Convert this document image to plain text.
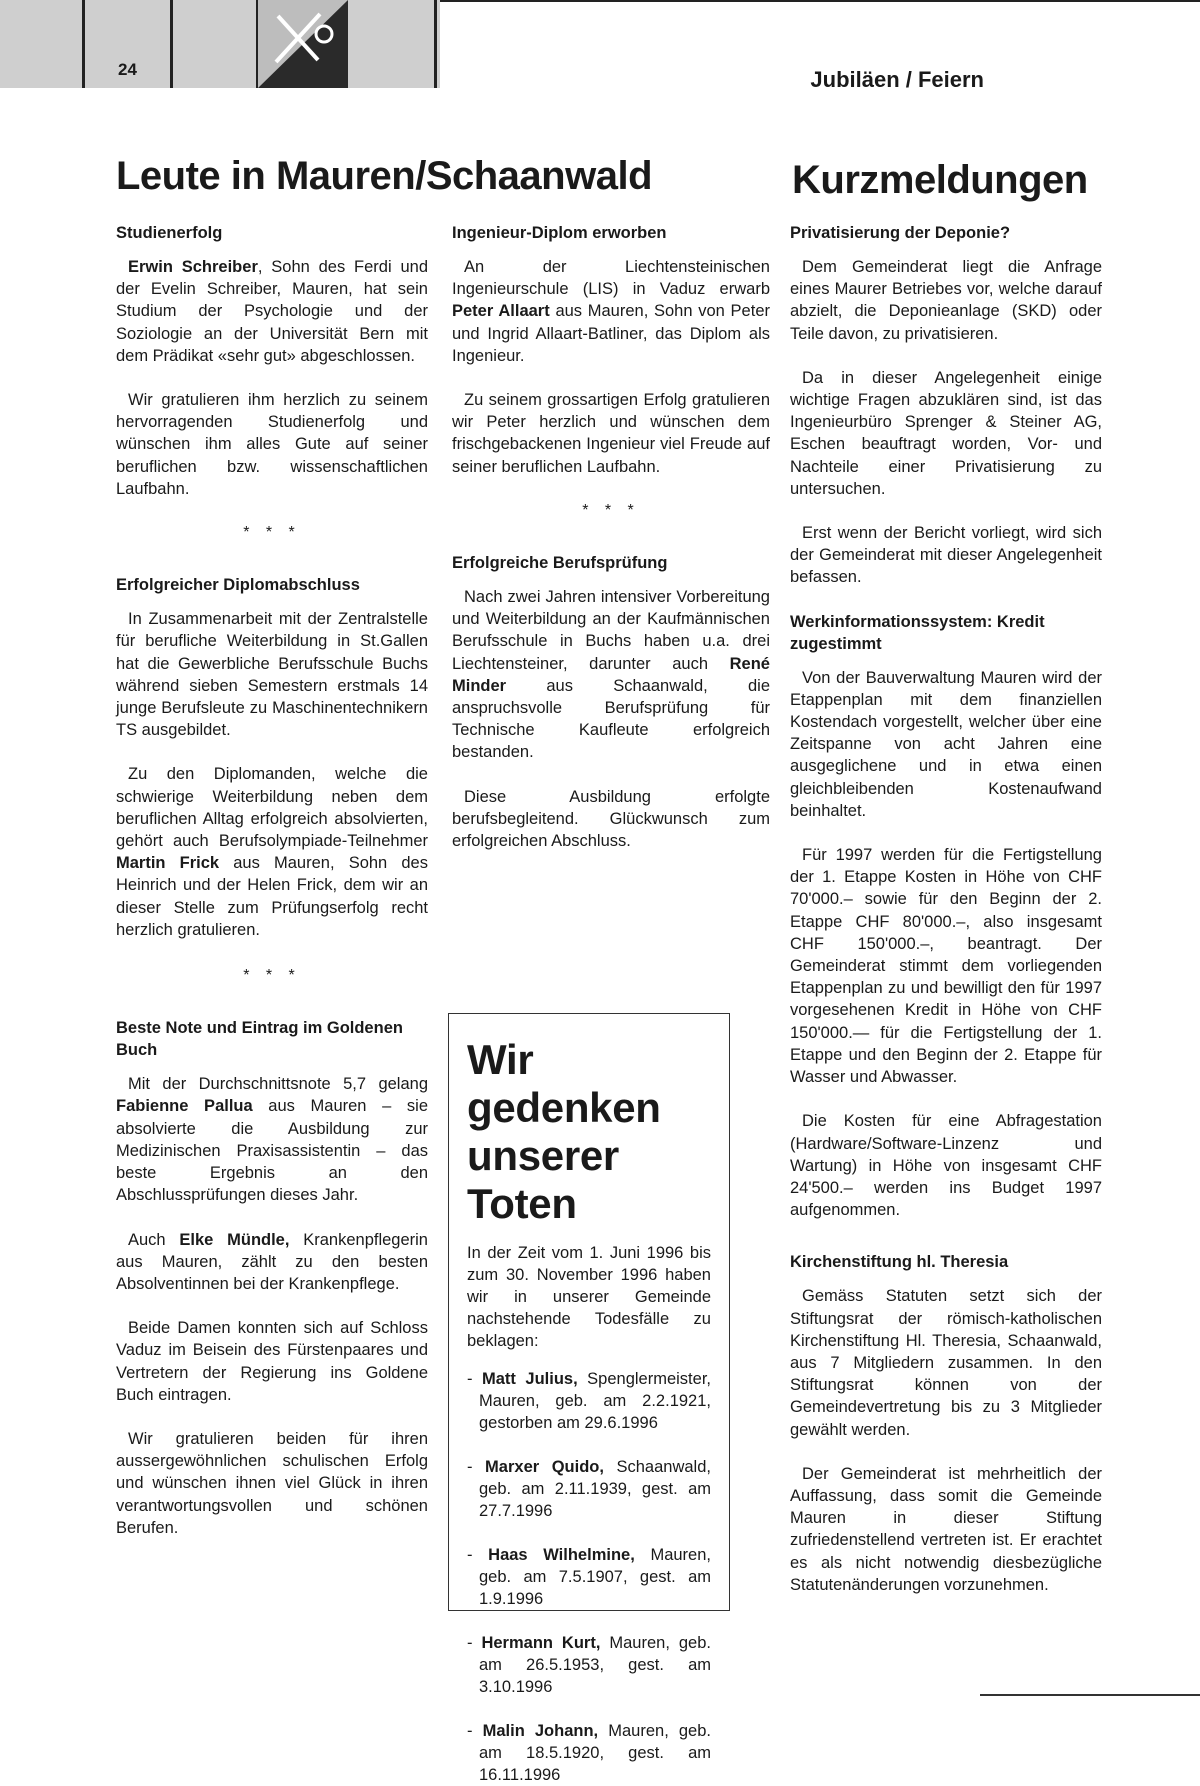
24	Jubiläen / Feiern
Leute in Mauren/Schaanwald	Kurzmeldungen
Studienerfolg

Erwin Schreiber, Sohn des Ferdi und der Evelin Schreiber, Mauren, hat sein Studium der Psychologie und der Soziologie an der Universität Bern mit dem Prädikat «sehr gut» abgeschlossen.

Wir gratulieren ihm herzlich zu seinem hervorragenden Studienerfolg und wünschen ihm alles Gute auf seiner beruflichen bzw. wissenschaftlichen Laufbahn.

* * *
Erfolgreicher Diplomabschluss

In Zusammenarbeit mit der Zentralstelle für berufliche Weiterbildung in St.Gallen hat die Gewerbliche Berufsschule Buchs während sieben Semestern erstmals 14 junge Berufsleute zu Maschinentechnikern TS ausgebildet.

Zu den Diplomanden, welche die schwierige Weiterbildung neben dem beruflichen Alltag erfolgreich absolvierten, gehört auch Berufsolympiade-Teilnehmer Martin Frick aus Mauren, Sohn des Heinrich und der Helen Frick, dem wir an dieser Stelle zum Prüfungserfolg recht herzlich gratulieren.

* * *
Beste Note und Eintrag im Goldenen Buch

Mit der Durchschnittsnote 5,7 gelang Fabienne Pallua aus Mauren – sie absolvierte die Ausbildung zur Medizinischen Praxisassistentin – das beste Ergebnis an den Abschlussprüfungen dieses Jahr.

Auch Elke Mündle, Krankenpflegerin aus Mauren, zählt zu den besten Absolventinnen bei der Krankenpflege.

Beide Damen konnten sich auf Schloss Vaduz im Beisein des Fürstenpaares und Vertretern der Regierung ins Goldene Buch eintragen.

Wir gratulieren beiden für ihren aussergewöhnlichen schulischen Erfolg und wünschen ihnen viel Glück in ihren verantwortungsvollen und schönen Berufen.

Ingenieur-Diplom erworben

An der Liechtensteinischen Ingenieurschule (LIS) in Vaduz erwarb Peter Allaart aus Mauren, Sohn von Peter und Ingrid Allaart-Batliner, das Diplom als Ingenieur.

Zu seinem grossartigen Erfolg gratulieren wir Peter herzlich und wünschen dem frischgebackenen Ingenieur viel Freude auf seiner beruflichen Laufbahn.

* * *
Erfolgreiche Berufsprüfung

Nach zwei Jahren intensiver Vorbereitung und Weiterbildung an der Kaufmännischen Berufsschule in Buchs haben u.a. drei Liechtensteiner, darunter auch René Minder aus Schaanwald, die anspruchsvolle Berufsprüfung für Technische Kaufleute erfolgreich bestanden.

Diese Ausbildung erfolgte berufsbegleitend. Glückwunsch zum erfolgreichen Abschluss.

Wir gedenken unserer Toten

In der Zeit vom 1. Juni 1996 bis zum 30. November 1996 haben wir in unserer Gemeinde nachstehende Todesfälle zu beklagen:

- Matt Julius, Spenglermeister, Mauren, geb. am 2.2.1921, gestorben am 29.6.1996
- Marxer Quido, Schaanwald, geb. am 2.11.1939, gest. am 27.7.1996
- Haas Wilhelmine, Mauren, geb. am 7.5.1907, gest. am 1.9.1996
- Hermann Kurt, Mauren, geb. am 26.5.1953, gest. am 3.10.1996
- Malin Johann, Mauren, geb. am 18.5.1920, gest. am 16.11.1996
Privatisierung der Deponie?

Dem Gemeinderat liegt die Anfrage eines Maurer Betriebes vor, welche darauf abzielt, die Deponieanlage (SKD) oder Teile davon, zu privatisieren.

Da in dieser Angelegenheit einige wichtige Fragen abzuklären sind, ist das Ingenieurbüro Sprenger & Steiner AG, Eschen beauftragt worden, Vor- und Nachteile einer Privatisierung zu untersuchen.

Erst wenn der Bericht vorliegt, wird sich der Gemeinderat mit dieser Angelegenheit befassen.

Werkinformationssystem: Kredit zugestimmt

Von der Bauverwaltung Mauren wird der Etappenplan mit dem finanziellen Kostendach vorgestellt, welcher über eine Zeitspanne von acht Jahren eine ausgeglichene und in etwa einen gleichbleibenden Kostenaufwand beinhaltet.

Für 1997 werden für die Fertigstellung der 1. Etappe Kosten in Höhe von CHF 70'000.– sowie für den Beginn der 2. Etappe CHF 80'000.–, also insgesamt CHF 150'000.–, beantragt. Der Gemeinderat stimmt dem vorliegenden Etappenplan zu und bewilligt den für 1997 vorgesehenen Kredit in Höhe von CHF 150'000.— für die Fertigstellung der 1. Etappe und den Beginn der 2. Etappe für Wasser und Abwasser.

Die Kosten für eine Abfragestation (Hardware/Software-Linzenz und Wartung) in Höhe von insgesamt CHF 24'500.– werden ins Budget 1997 aufgenommen.

Kirchenstiftung hl. Theresia

Gemäss Statuten setzt sich der Stiftungsrat der römisch-katholischen Kirchenstiftung Hl. Theresia, Schaanwald, aus 7 Mitgliedern zusammen. In den Stiftungsrat können von der Gemeindevertretung bis zu 3 Mitglieder gewählt werden.

Der Gemeinderat ist mehrheitlich der Auffassung, dass somit die Gemeinde Mauren in dieser Stiftung zufriedenstellend vertreten ist. Er erachtet es als nicht notwendig diesbezügliche Statutenänderungen vorzunehmen.
